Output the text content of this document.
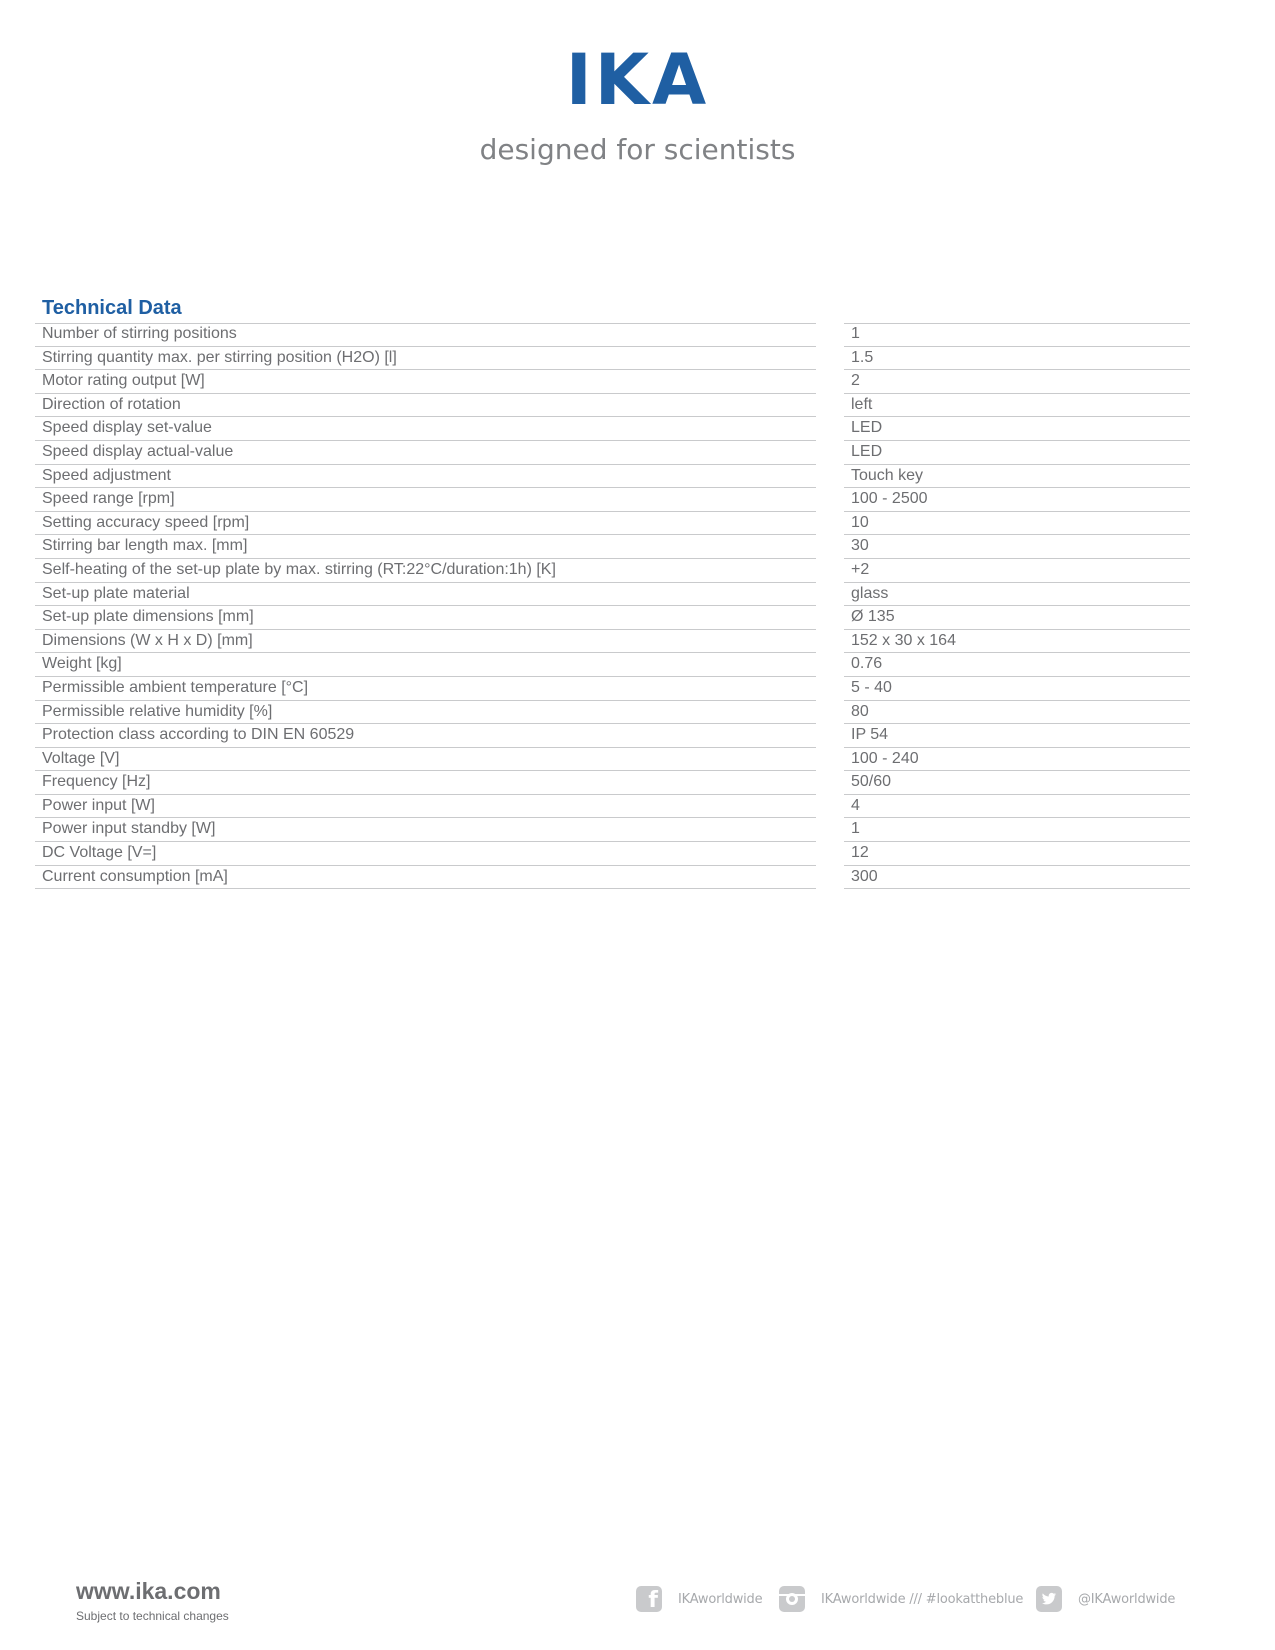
IKA
designed for scientists
Technical Data
Number of stirring positions	1
Stirring quantity max. per stirring position (H2O) [l]	1.5
Motor rating output [W]	2
Direction of rotation	left
Speed display set-value	LED
Speed display actual-value	LED
Speed adjustment	Touch key
Speed range [rpm]	100 - 2500
Setting accuracy speed [rpm]	10
Stirring bar length max. [mm]	30
Self-heating of the set-up plate by max. stirring (RT:22°C/duration:1h) [K]	+2
Set-up plate material	glass
Set-up plate dimensions [mm]	Ø 135
Dimensions (W x H x D) [mm]	152 x 30 x 164
Weight [kg]	0.76
Permissible ambient temperature [°C]	5 - 40
Permissible relative humidity [%]	80
Protection class according to DIN EN 60529	IP 54
Voltage [V]	100 - 240
Frequency [Hz]	50/60
Power input [W]	4
Power input standby [W]	1
DC Voltage [V=]	12
Current consumption [mA]	300
www.ika.com
Subject to technical changes
f IKAworldwide	IKAworldwide /// #lookattheblue	@IKAworldwide
